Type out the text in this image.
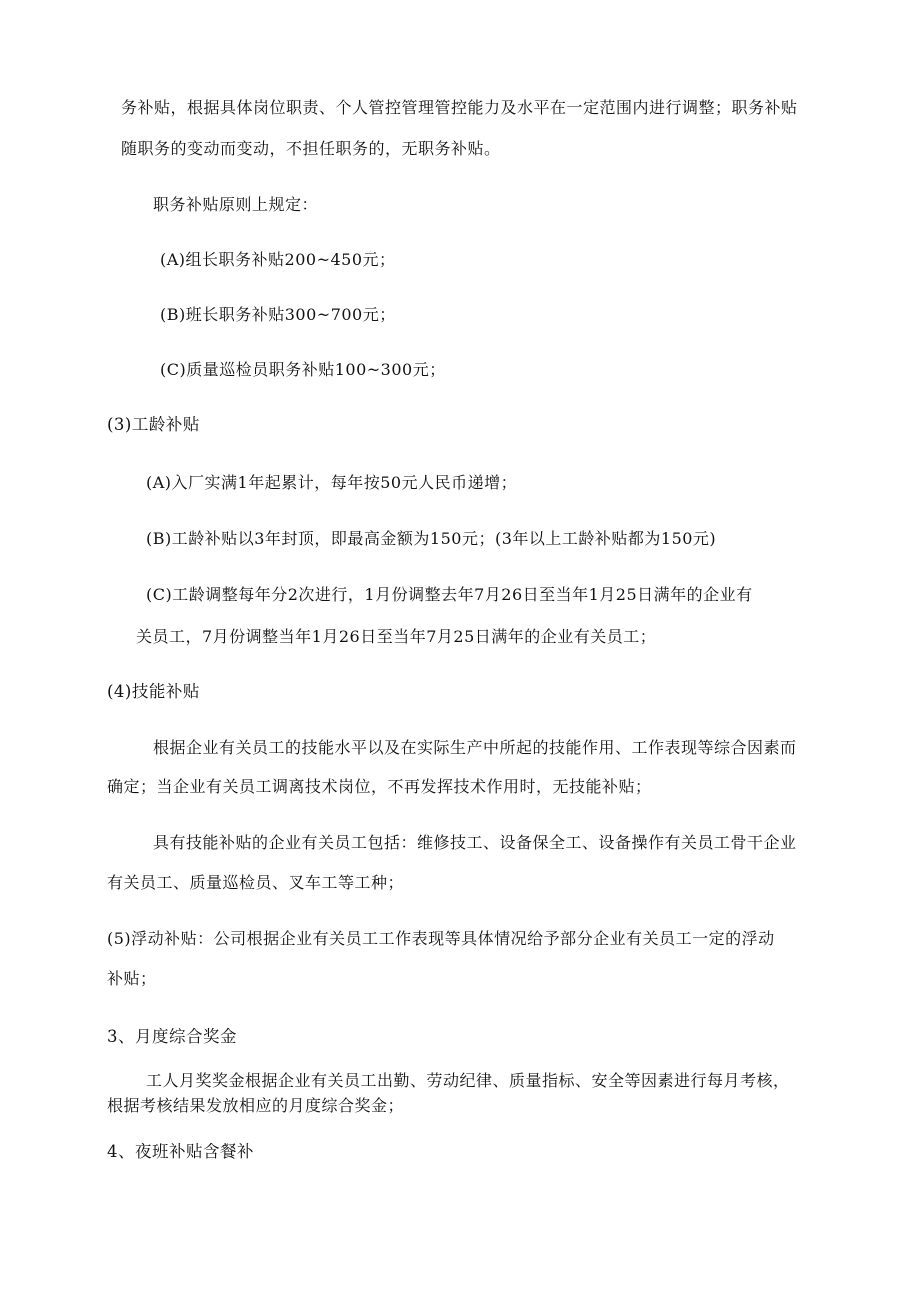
务补贴，根据具体岗位职责、个人管控管理管控能力及水平在一定范围内进行调整；职务补贴
随职务的变动而变动，不担任职务的，无职务补贴。
职务补贴原则上规定：
(A)组长职务补贴200~450元；
(B)班长职务补贴300~700元；
(C)质量巡检员职务补贴100~300元；
(3)工龄补贴
(A)入厂实满1年起累计，每年按50元人民币递增；
(B)工龄补贴以3年封顶，即最高金额为150元；(3年以上工龄补贴都为150元)
(C)工龄调整每年分2次进行，1月份调整去年7月26日至当年1月25日满年的企业有
关员工，7月份调整当年1月26日至当年7月25日满年的企业有关员工；
(4)技能补贴
根据企业有关员工的技能水平以及在实际生产中所起的技能作用、工作表现等综合因素而
确定；当企业有关员工调离技术岗位，不再发挥技术作用时，无技能补贴；
具有技能补贴的企业有关员工包括：维修技工、设备保全工、设备操作有关员工骨干企业
有关员工、质量巡检员、叉车工等工种；
(5)浮动补贴：公司根据企业有关员工工作表现等具体情况给予部分企业有关员工一定的浮动
补贴；
3、月度综合奖金
工人月奖奖金根据企业有关员工出勤、劳动纪律、质量指标、安全等因素进行每月考核，
根据考核结果发放相应的月度综合奖金；
4、夜班补贴含餐补
